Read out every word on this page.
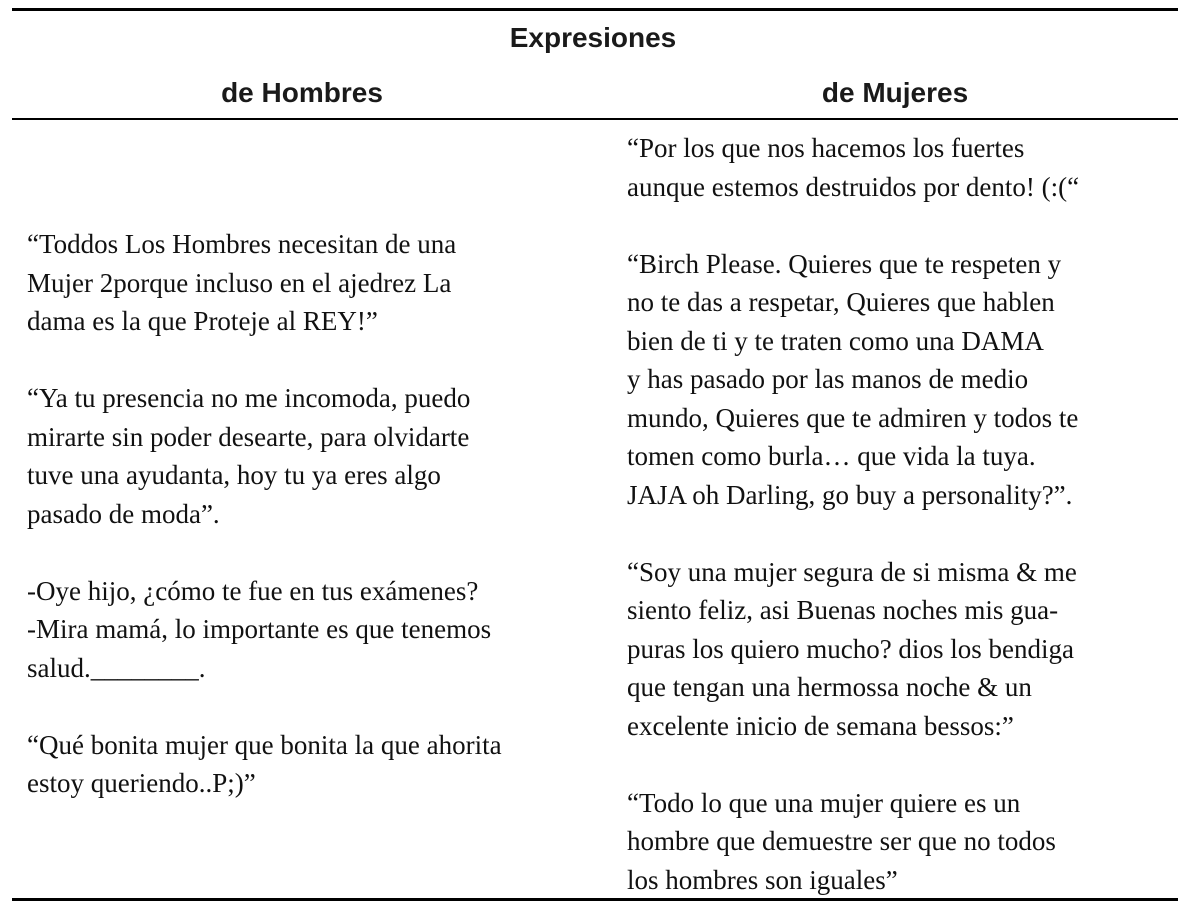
Expresiones
de Hombres	de Mujeres

“Toddos Los Hombres necesitan de una
Mujer 2porque incluso en el ajedrez La
dama es la que Proteje al REY!”

“Ya tu presencia no me incomoda, puedo
mirarte sin poder desearte, para olvidarte
tuve una ayudanta, hoy tu ya eres algo
pasado de moda”.

-Oye hijo, ¿cómo te fue en tus exámenes?
-Mira mamá, lo importante es que tenemos
salud.________.

“Qué bonita mujer que bonita la que ahorita
estoy queriendo..P;)”

“Por los que nos hacemos los fuertes
aunque estemos destruidos por dento! (:(“

“Birch Please. Quieres que te respeten y
no te das a respetar, Quieres que hablen
bien de ti y te traten como una DAMA
y has pasado por las manos de medio
mundo, Quieres que te admiren y todos te
tomen como burla… que vida la tuya.
JAJA oh Darling, go buy a personality?”.

“Soy una mujer segura de si misma & me
siento feliz, asi Buenas noches mis gua-
puras los quiero mucho? dios los bendiga
que tengan una hermossa noche & un
excelente inicio de semana bessos:”

“Todo lo que una mujer quiere es un
hombre que demuestre ser que no todos
los hombres son iguales”
